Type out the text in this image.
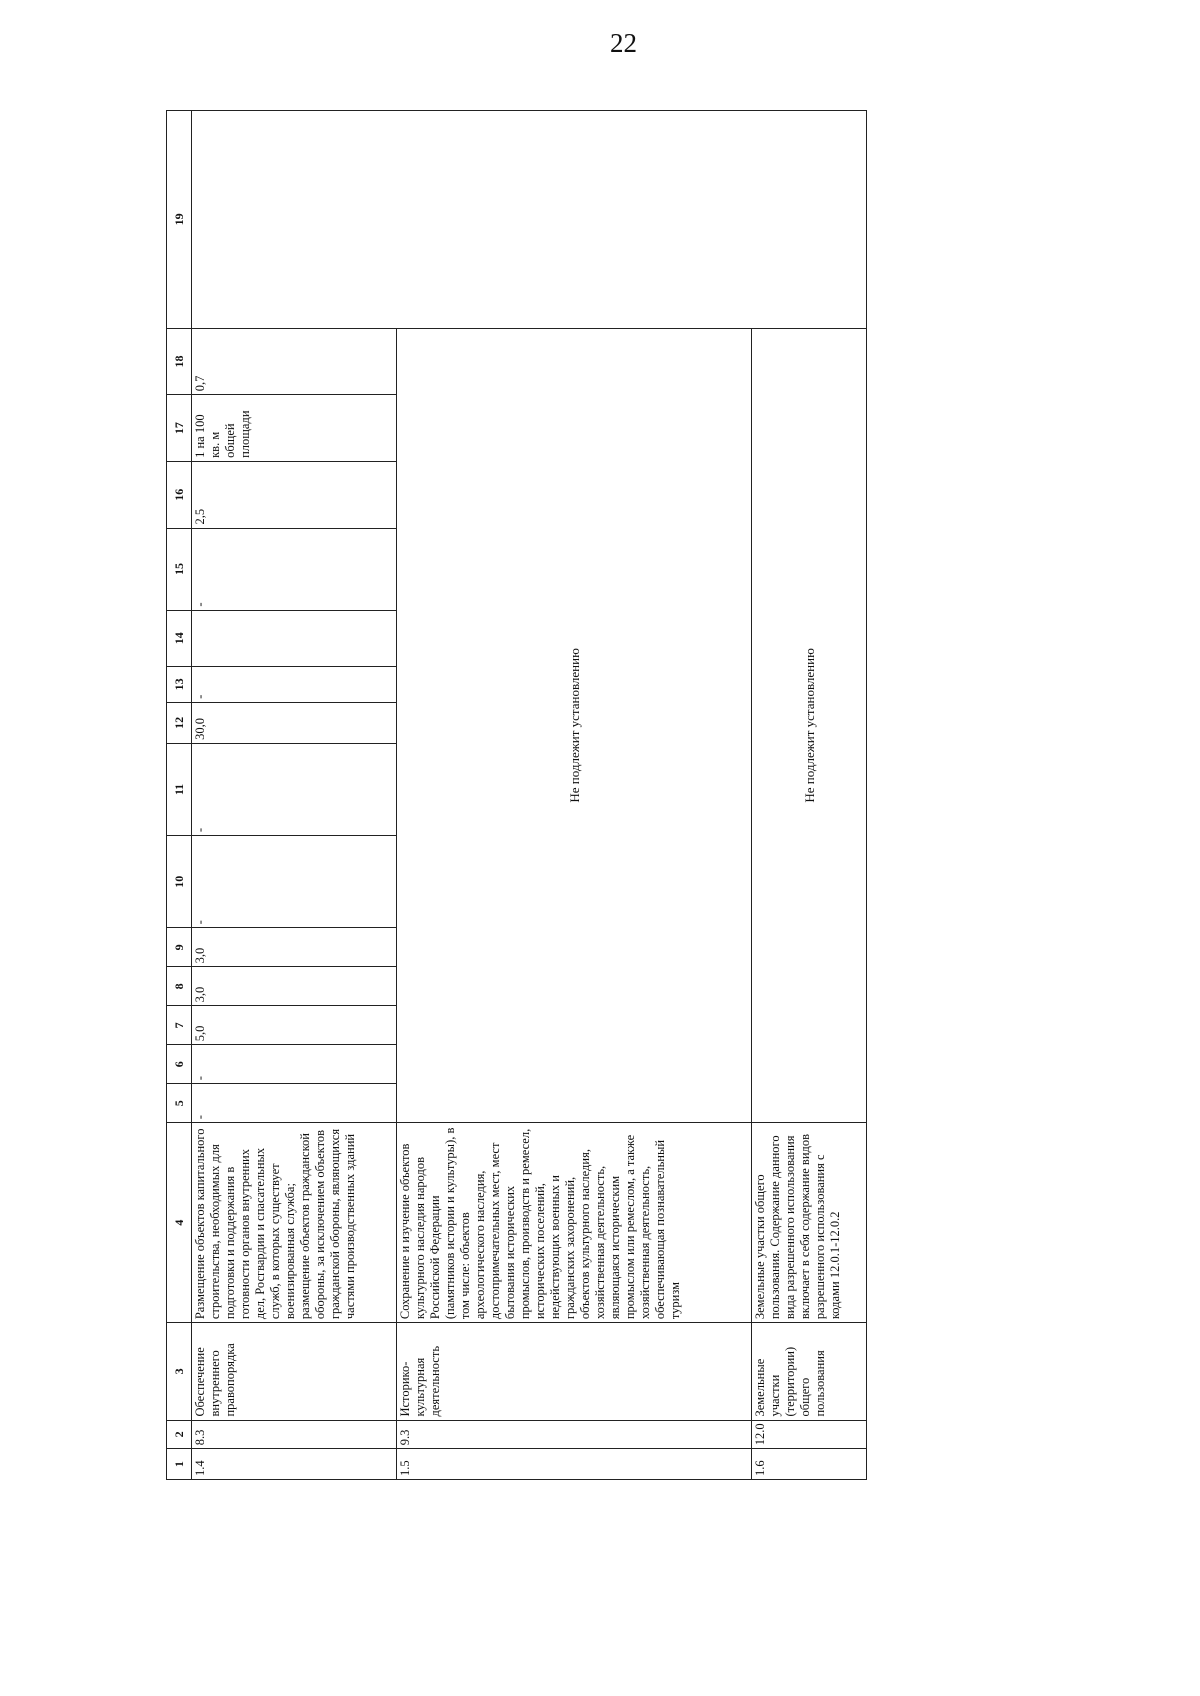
22
1	2	3	4	5	6	7	8	9	10	11	12	13	14	15	16	17	18	19
1.4	8.3	Обеспечение внутреннего правопорядка	Размещение объектов капитального строительства, необходимых для подготовки и поддержания в готовности органов внутренних дел, Росгвардии и спасательных служб, в которых существует военизированная служба; размещение объектов гражданской обороны, за исключением объектов гражданской обороны, являющихся частями производственных зданий	-	-	5,0	3,0	3,0	-	-	30,0	-		-	2,5	1 на 100 кв. м общей площади	0,7	
1.5	9.3	Историко-культурная деятельность	Сохранение и изучение объектов культурного наследия народов Российской Федерации (памятников истории и культуры), в том числе: объектов археологического наследия, достопримечательных мест, мест бытования исторических промыслов, производств и ремесел, исторических поселений, недействующих военных и гражданских захоронений, объектов культурного наследия, хозяйственная деятельность, являющаяся историческим промыслом или ремеслом, а также хозяйственная деятельность, обеспечивающая познавательный туризм	Не подлежит установлению														
1.6	12.0	Земельные участки (территории) общего пользования	Земельные участки общего пользования. Содержание данного вида разрешенного использования включает в себя содержание видов разрешенного использования с кодами 12.0.1-12.0.2	Не подлежит установлению														
